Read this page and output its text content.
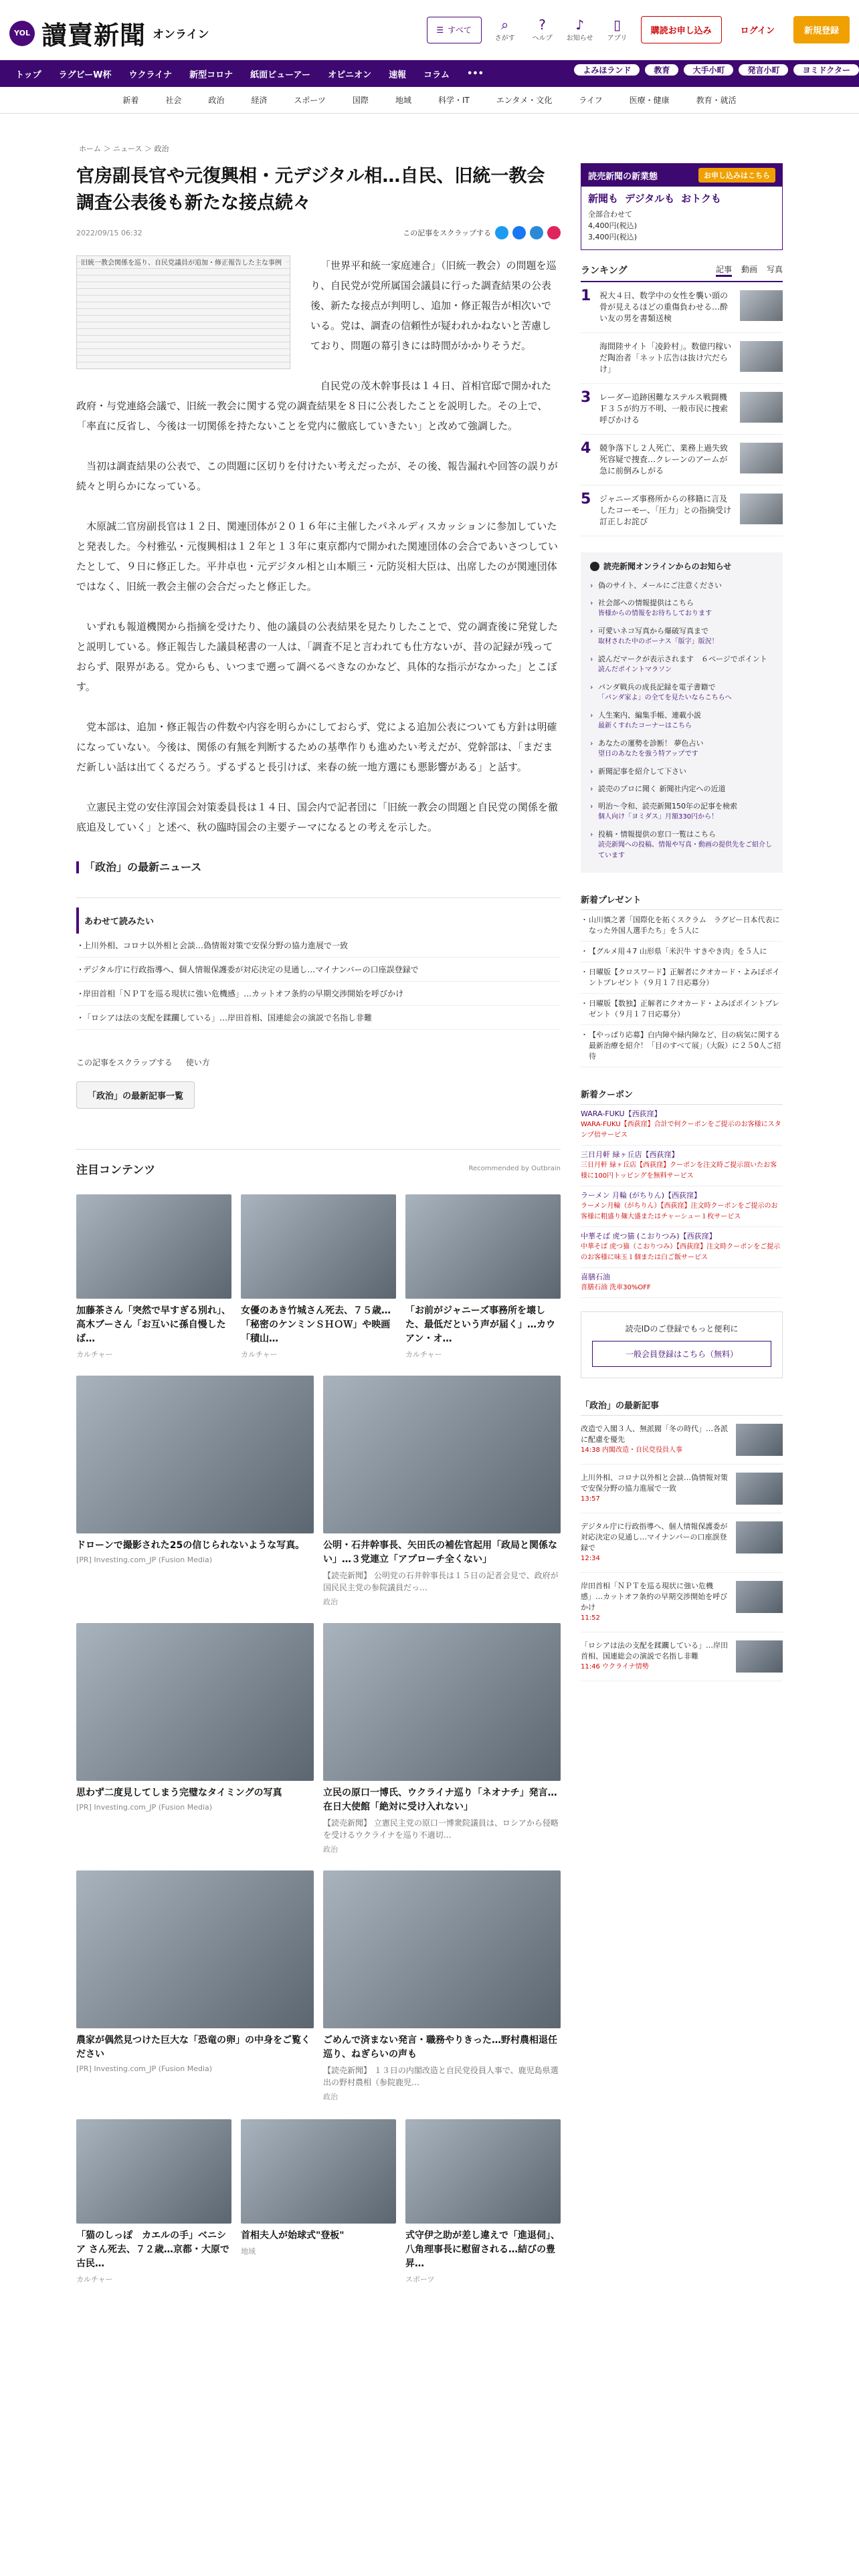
YOL 讀賣新聞 オンライン	☰ すべて ⌕
さがす
?
ヘルプ
♪
お知らせ
▯
アプリ
購読お申し込み	ログイン	新規登録
トップ	ラグビーW杯	ウクライナ	新型コロナ	紙面ビューアー	オピニオン	速報	コラム	•••	よみほランド	教育	大手小町	発言小町	ヨミドクター
新着	社会	政治	経済	スポーツ	国際	地域	科学・IT	エンタメ・文化	ライフ	医療・健康	教育・就活
ホーム ＞ ニュース ＞ 政治
官房副長官や元復興相・元デジタル相…自民、旧統一教会調査公表後も新たな接点続々
2022/09/15 06:32	この記事をスクラップする
旧統一教会関係を巡り、自民党議員が追加・修正報告した主な事例	「世界平和統一家庭連合」（旧統一教会）の問題を巡り、自民党が党所属国会議員に行った調査結果の公表後、新たな接点が判明し、追加・修正報告が相次いでいる。党は、調査の信頼性が疑われかねないと苦慮しており、問題の幕引きには時間がかかりそうだ。

自民党の茂木幹事長は１４日、首相官邸で開かれた政府・与党連絡会議で、旧統一教会に関する党の調査結果を８日に公表したことを説明した。その上で、「率直に反省し、今後は一切関係を持たないことを党内に徹底していきたい」と改めて強調した。

当初は調査結果の公表で、この問題に区切りを付けたい考えだったが、その後、報告漏れや回答の誤りが続々と明らかになっている。

木原誠二官房副長官は１２日、関連団体が２０１６年に主催したパネルディスカッションに参加していたと発表した。今村雅弘・元復興相は１２年と１３年に東京都内で開かれた関連団体の会合であいさつしていたとして、９日に修正した。平井卓也・元デジタル相と山本順三・元防災相大臣は、出席したのが関連団体ではなく、旧統一教会主催の会合だったと修正した。

いずれも報道機関から指摘を受けたり、他の議員の公表結果を見たりしたことで、党の調査後に発覚したと説明している。修正報告した議員秘書の一人は、「調査不足と言われても仕方ないが、昔の記録が残っておらず、限界がある。党からも、いつまで遡って調べるべきなのかなど、具体的な指示がなかった」とこぼす。

党本部は、追加・修正報告の件数や内容を明らかにしておらず、党による追加公表についても方針は明確になっていない。今後は、関係の有無を判断するための基準作りも進めたい考えだが、党幹部は、「まだまだ新しい話は出てくるだろう。ずるずると長引けば、来春の統一地方選にも悪影響がある」と話す。

立憲民主党の安住淳国会対策委員長は１４日、国会内で記者団に「旧統一教会の問題と自民党の関係を徹底追及していく」と述べ、秋の臨時国会の主要テーマになるとの考えを示した。

「政治」の最新ニュース
あわせて読みたい
・ 上川外相、コロナ以外相と会談…偽情報対策で安保分野の協力進展で一致
・ デジタル庁に行政指導へ、個人情報保護委が対応決定の見通し…マイナンバーの口座誤登録で
・ 岸田首相「ＮＰＴを巡る現状に強い危機感」…カットオフ条約の早期交渉開始を呼びかけ
・ 「ロシアは法の支配を蹂躙している」…岸田首相、国連総会の演説で名指し非難
この記事をスクラップする 使い方
「政治」の最新記事一覧
注目コンテンツ	Recommended by Outbrain
加藤茶さん「突然で早すぎる別れ」、高木ブーさん「お互いに孫自慢したば…
カルチャー
女優のあき竹城さん死去、７５歳…「秘密のケンミンＳＨＯＷ」や映画「積山…
カルチャー
「お前がジャニーズ事務所を壊した、最低だという声が届く」…カウアン・オ…
カルチャー
ドローンで撮影された25の信じられないような写真。
[PR] Investing.com_JP (Fusion Media)
公明・石井幹事長、矢田氏の補佐官起用「政局と関係ない」…３党連立「アプローチ全くない」
【読売新聞】 公明党の石井幹事長は１５日の記者会見で、政府が国民民主党の参院議員だっ…
政治
思わず二度見してしまう完璧なタイミングの写真
[PR] Investing.com_JP (Fusion Media)
立民の原口一博氏、ウクライナ巡り「ネオナチ」発言…在日大使館「絶対に受け入れない」
【読売新聞】 立憲民主党の原口一博衆院議員は、ロシアから侵略を受けるウクライナを巡り不適切…
政治
農家が偶然見つけた巨大な「恐竜の卵」の中身をご覧ください
[PR] Investing.com_JP (Fusion Media)
ごめんで済まない発言・職務やりきった…野村農相退任巡り、ねぎらいの声も
【読売新聞】 １３日の内閣改造と自民党役員人事で、鹿児島県選出の野村農相（参院鹿児…
政治
「猫のしっぽ　カエルの手」ベニシア さん死去、７２歳…京都・大原で古民…
カルチャー
首相夫人が始球式"登板"
地域
式守伊之助が差し違えで「進退伺」、八角理事長に慰留される…結びの豊昇…
スポーツ
読売新聞の新業態	お申し込みはこちら
新聞も デジタルも おトクも
全部合わせて
4,400円(税込)
3,400円(税込)
ランキング	記事 動画 写真
1 祝大４日、数学中の女性を襲い頭の骨が見えるほどの重傷負わせる…酔い友の男を書類送検
海間陸サイト「凌鈴村」。数億円稼いだ陶治者「ネット広告は抜け穴だらけ」
3 レーダー追跡困難なステルス戦闘機Ｆ３５が約万不明、一般市民に捜索呼びかける
4 競争落下し２人死亡、業務上過失致死容疑で捜査…クレーンのアームが急に前倒みしがる
5 ジャニーズ事務所からの移籍に言及したコーモー、「圧力」との指摘受け訂正しお詫び
読売新聞オンラインからのお知らせ
› 偽のサイト、メールにご注意ください
› 社会部への情報提供はこちら
皆様からの情報をお待ちしております
› 可愛いネコ写真から爆破写真まで
取材された中のボーナス「版字」版況！
› 読んだマークが表示されます　６ページでポイント
読んだポイントマラソン
› パンダ戦兵の成長記録を電子書籍で
「パンダ家よ」の全てを見たいならこちらへ
› 人生案内、編集手帳、連載小説
最新くすれたコーナーはこちら
› あなたの運勢を診断！ 夢色占い
望日のあなたを強う特アップです
› 新聞記事を紹介して下さい
› 読売のプロに聞く 新聞社内定への近道
› 明治〜令和、読売新聞150年の記事を検索
個人向け「ヨミダス」月額330円から！
› 投稿・情報提供の窓口一覧はこちら
読売新聞への投稿、情報や写真・動画の提供先をご紹介しています
新着プレゼント
・ 山川慎之著「国際化を拓くスクラム　ラグビー日本代表になった外国人選手たち」を５人に
・ 【グルメ用４7 山形県「米沢牛 すきやき肉」を５人に
・ 日曜版【クロスワード】正解者にクオカード・よみぽポイントプレゼント（９月１７日応募分）
・ 日曜版【数独】正解者にクオカード・よみぽポイントプレゼント（９月１７日応募分）
・ 【やっぱり応募】白内障や緑内障など、目の病気に関する最新治療を紹介！「目のすべて展」（大阪）に２５0人ご招待
新着クーポン
WARA-FUKU【西荻窪】
WARA-FUKU【西荻窪】合計で何クーポンをご提示のお客様にスタンプ倍サービス
三日月軒 緑ヶ丘店【西荻窪】
三日月軒 緑ヶ丘店【西荻窪】クーポンを注文時ご提示頂いたお客様に100円トッピングを無料サービス
ラーメン 月輪 (がちりん)【西荻窪】
ラーメン月輪（がちりん）【西荻窪】注文時クーポンをご提示のお客様に粗盛り麺大盛またはチャーシュー１枚サービス
中華そば 虎つ猫 (こおりつみ)【西荻窪】
中華そば 虎つ猫（こおりつみ）【西荻窪】注文時クーポンをご提示のお客様に味玉１個または白ご飯サービス
喜膳石油
喜膳石油 洗車30%OFF
読売IDのご登録でもっと便利に
一般会員登録はこちら（無料）
「政治」の最新記事
改造で入閣３人、無派閥「冬の時代」…各派に配慮を優先
14:38 内閣改造・自民党役員人事
上川外相、コロナ以外相と会談…偽情報対策で安保分野の協力進展で一致
13:57
デジタル庁に行政指導へ、個人情報保護委が対応決定の見通し…マイナンバーの口座誤登録で
12:34
岸田首相「ＮＰＴを巡る現状に強い危機感」…カットオフ条約の早期交渉開始を呼びかけ
11:52
「ロシアは法の支配を蹂躙している」…岸田首相、国連総会の演説で名指し非難
11:46 ウクライナ情勢
